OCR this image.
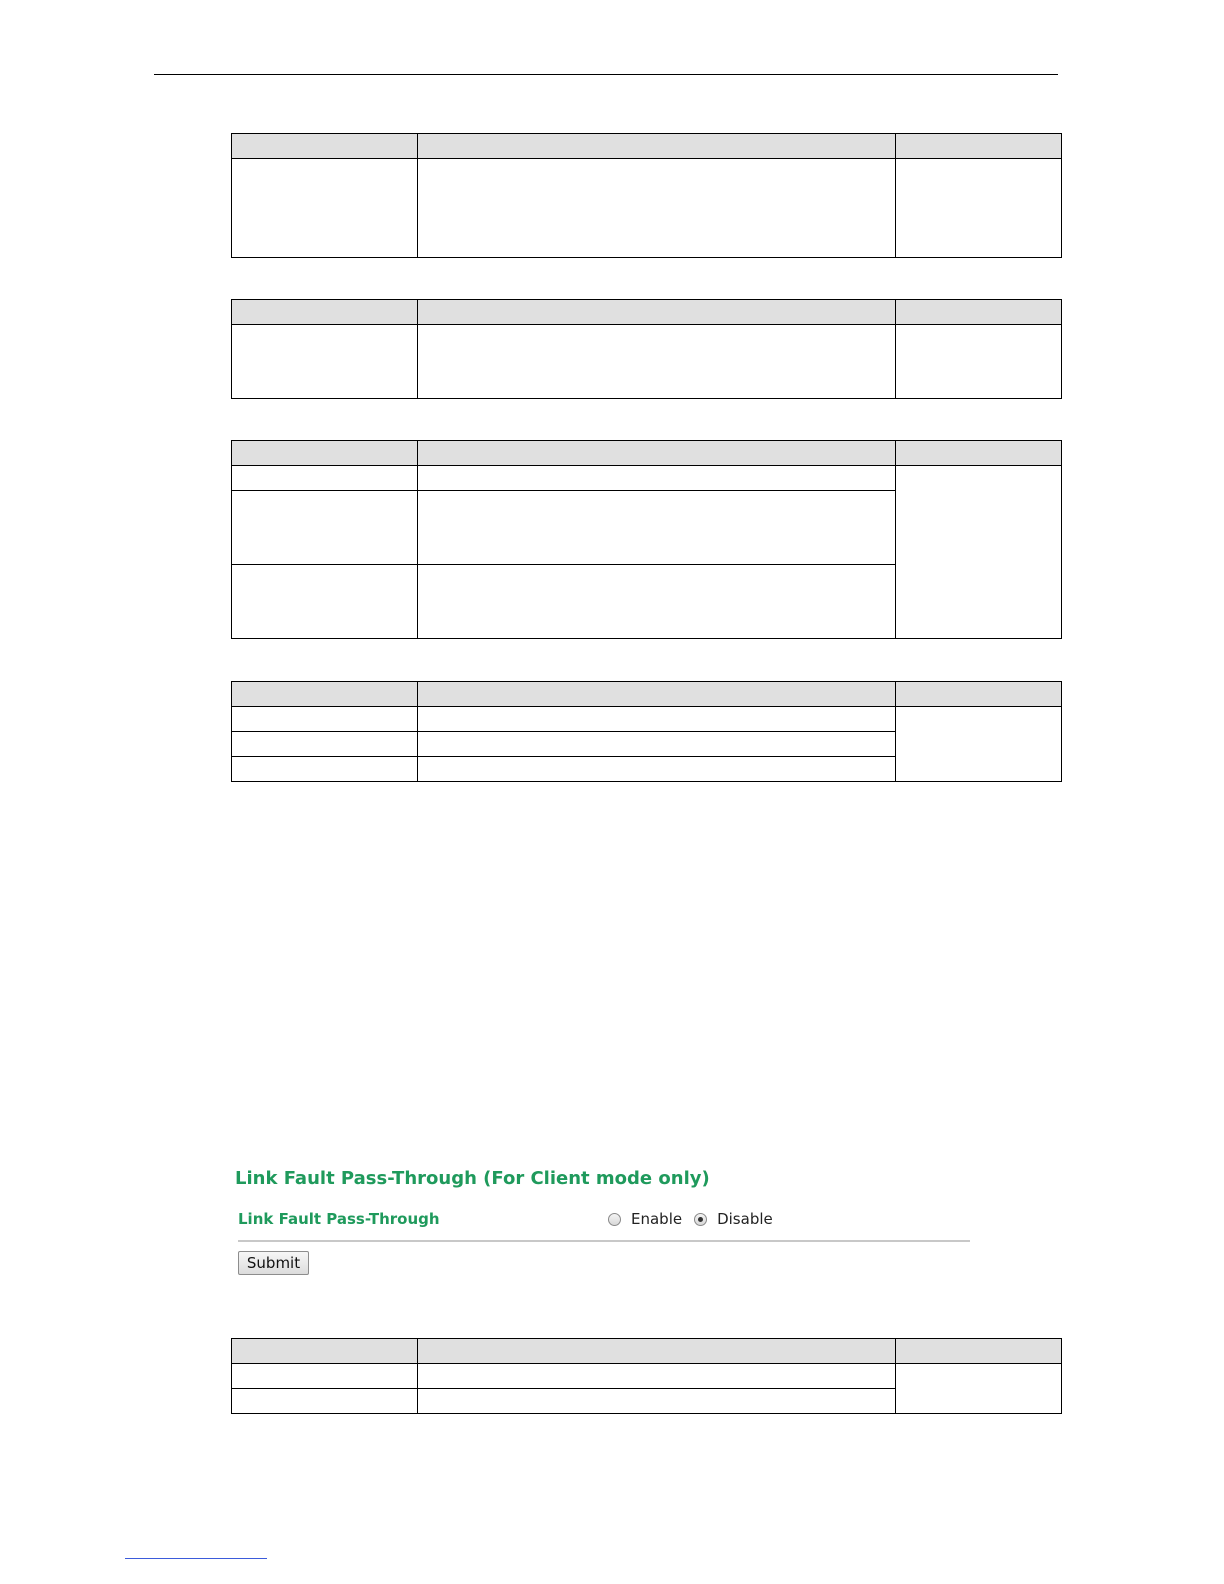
Link Fault Pass-Through (For Client mode only)
Link Fault Pass-Through	Enable Disable
Submit
